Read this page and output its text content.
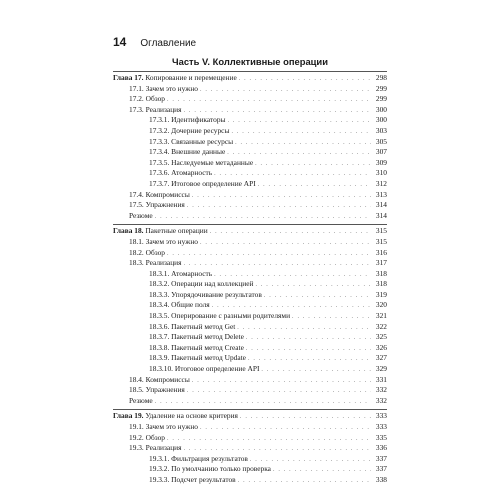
14 Оглавление
Часть V. Коллективные операции
Глава 17. Копирование и перемещение . . .	298
17.1. Зачем это нужно . . .	299
17.2. Обзор . . .	299
17.3. Реализация . . .	300
17.3.1. Идентификаторы . . .	300
17.3.2. Дочерние ресурсы . . .	303
17.3.3. Связанные ресурсы . . .	305
17.3.4. Внешние данные . . .	307
17.3.5. Наследуемые метаданные . . .	309
17.3.6. Атомарность . . .	310
17.3.7. Итоговое определение API . . .	312
17.4. Компромиссы . . .	313
17.5. Упражнения . . .	314
Резюме . . .	314
Глава 18. Пакетные операции . . .	315
18.1. Зачем это нужно . . .	315
18.2. Обзор . . .	316
18.3. Реализация . . .	317
18.3.1. Атомарность . . .	318
18.3.2. Операции над коллекцией . . .	318
18.3.3. Упорядочивание результатов . . .	319
18.3.4. Общие поля . . .	320
18.3.5. Оперирование с разными родителями . . .	321
18.3.6. Пакетный метод Get . . .	322
18.3.7. Пакетный метод Delete . . .	325
18.3.8. Пакетный метод Create . . .	326
18.3.9. Пакетный метод Update . . .	327
18.3.10. Итоговое определение API . . .	329
18.4. Компромиссы . . .	331
18.5. Упражнения . . .	332
Резюме . . .	332
Глава 19. Удаление на основе критерия . . .	333
19.1. Зачем это нужно . . .	333
19.2. Обзор . . .	335
19.3. Реализация . . .	336
19.3.1. Фильтрация результатов . . .	337
19.3.2. По умолчанию только проверка . . .	337
19.3.3. Подсчет результатов . . .	338
